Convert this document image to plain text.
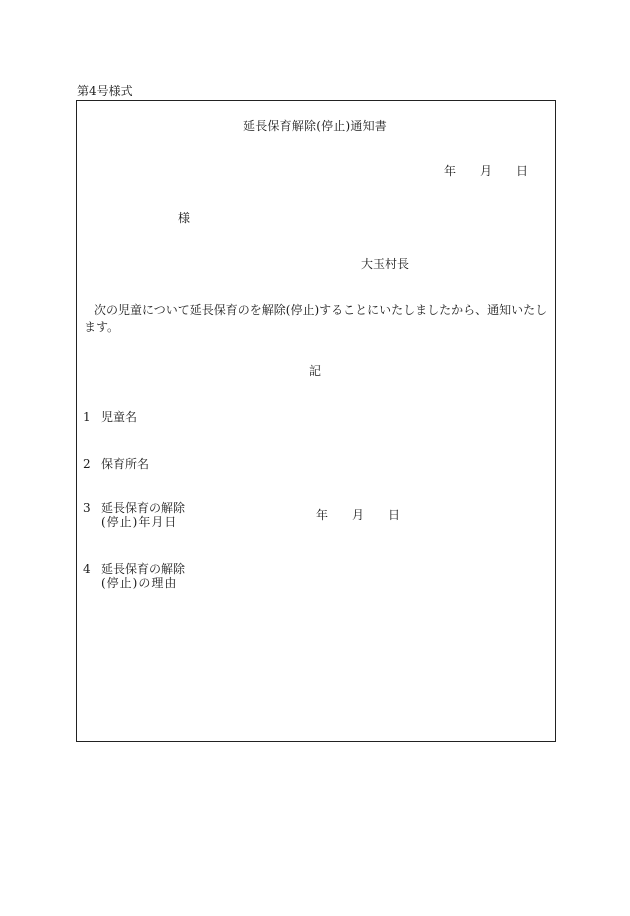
第4号様式
延長保育解除(停止)通知書
年 月 日
様
大玉村長
次の児童について延長保育のを解除(停止)することにいたしましたから、通知いたします。
記
1 児童名
2 保育所名
3 延長保育の解除
(停止)年月日	年 月 日
4 延長保育の解除
(停止)の理由
